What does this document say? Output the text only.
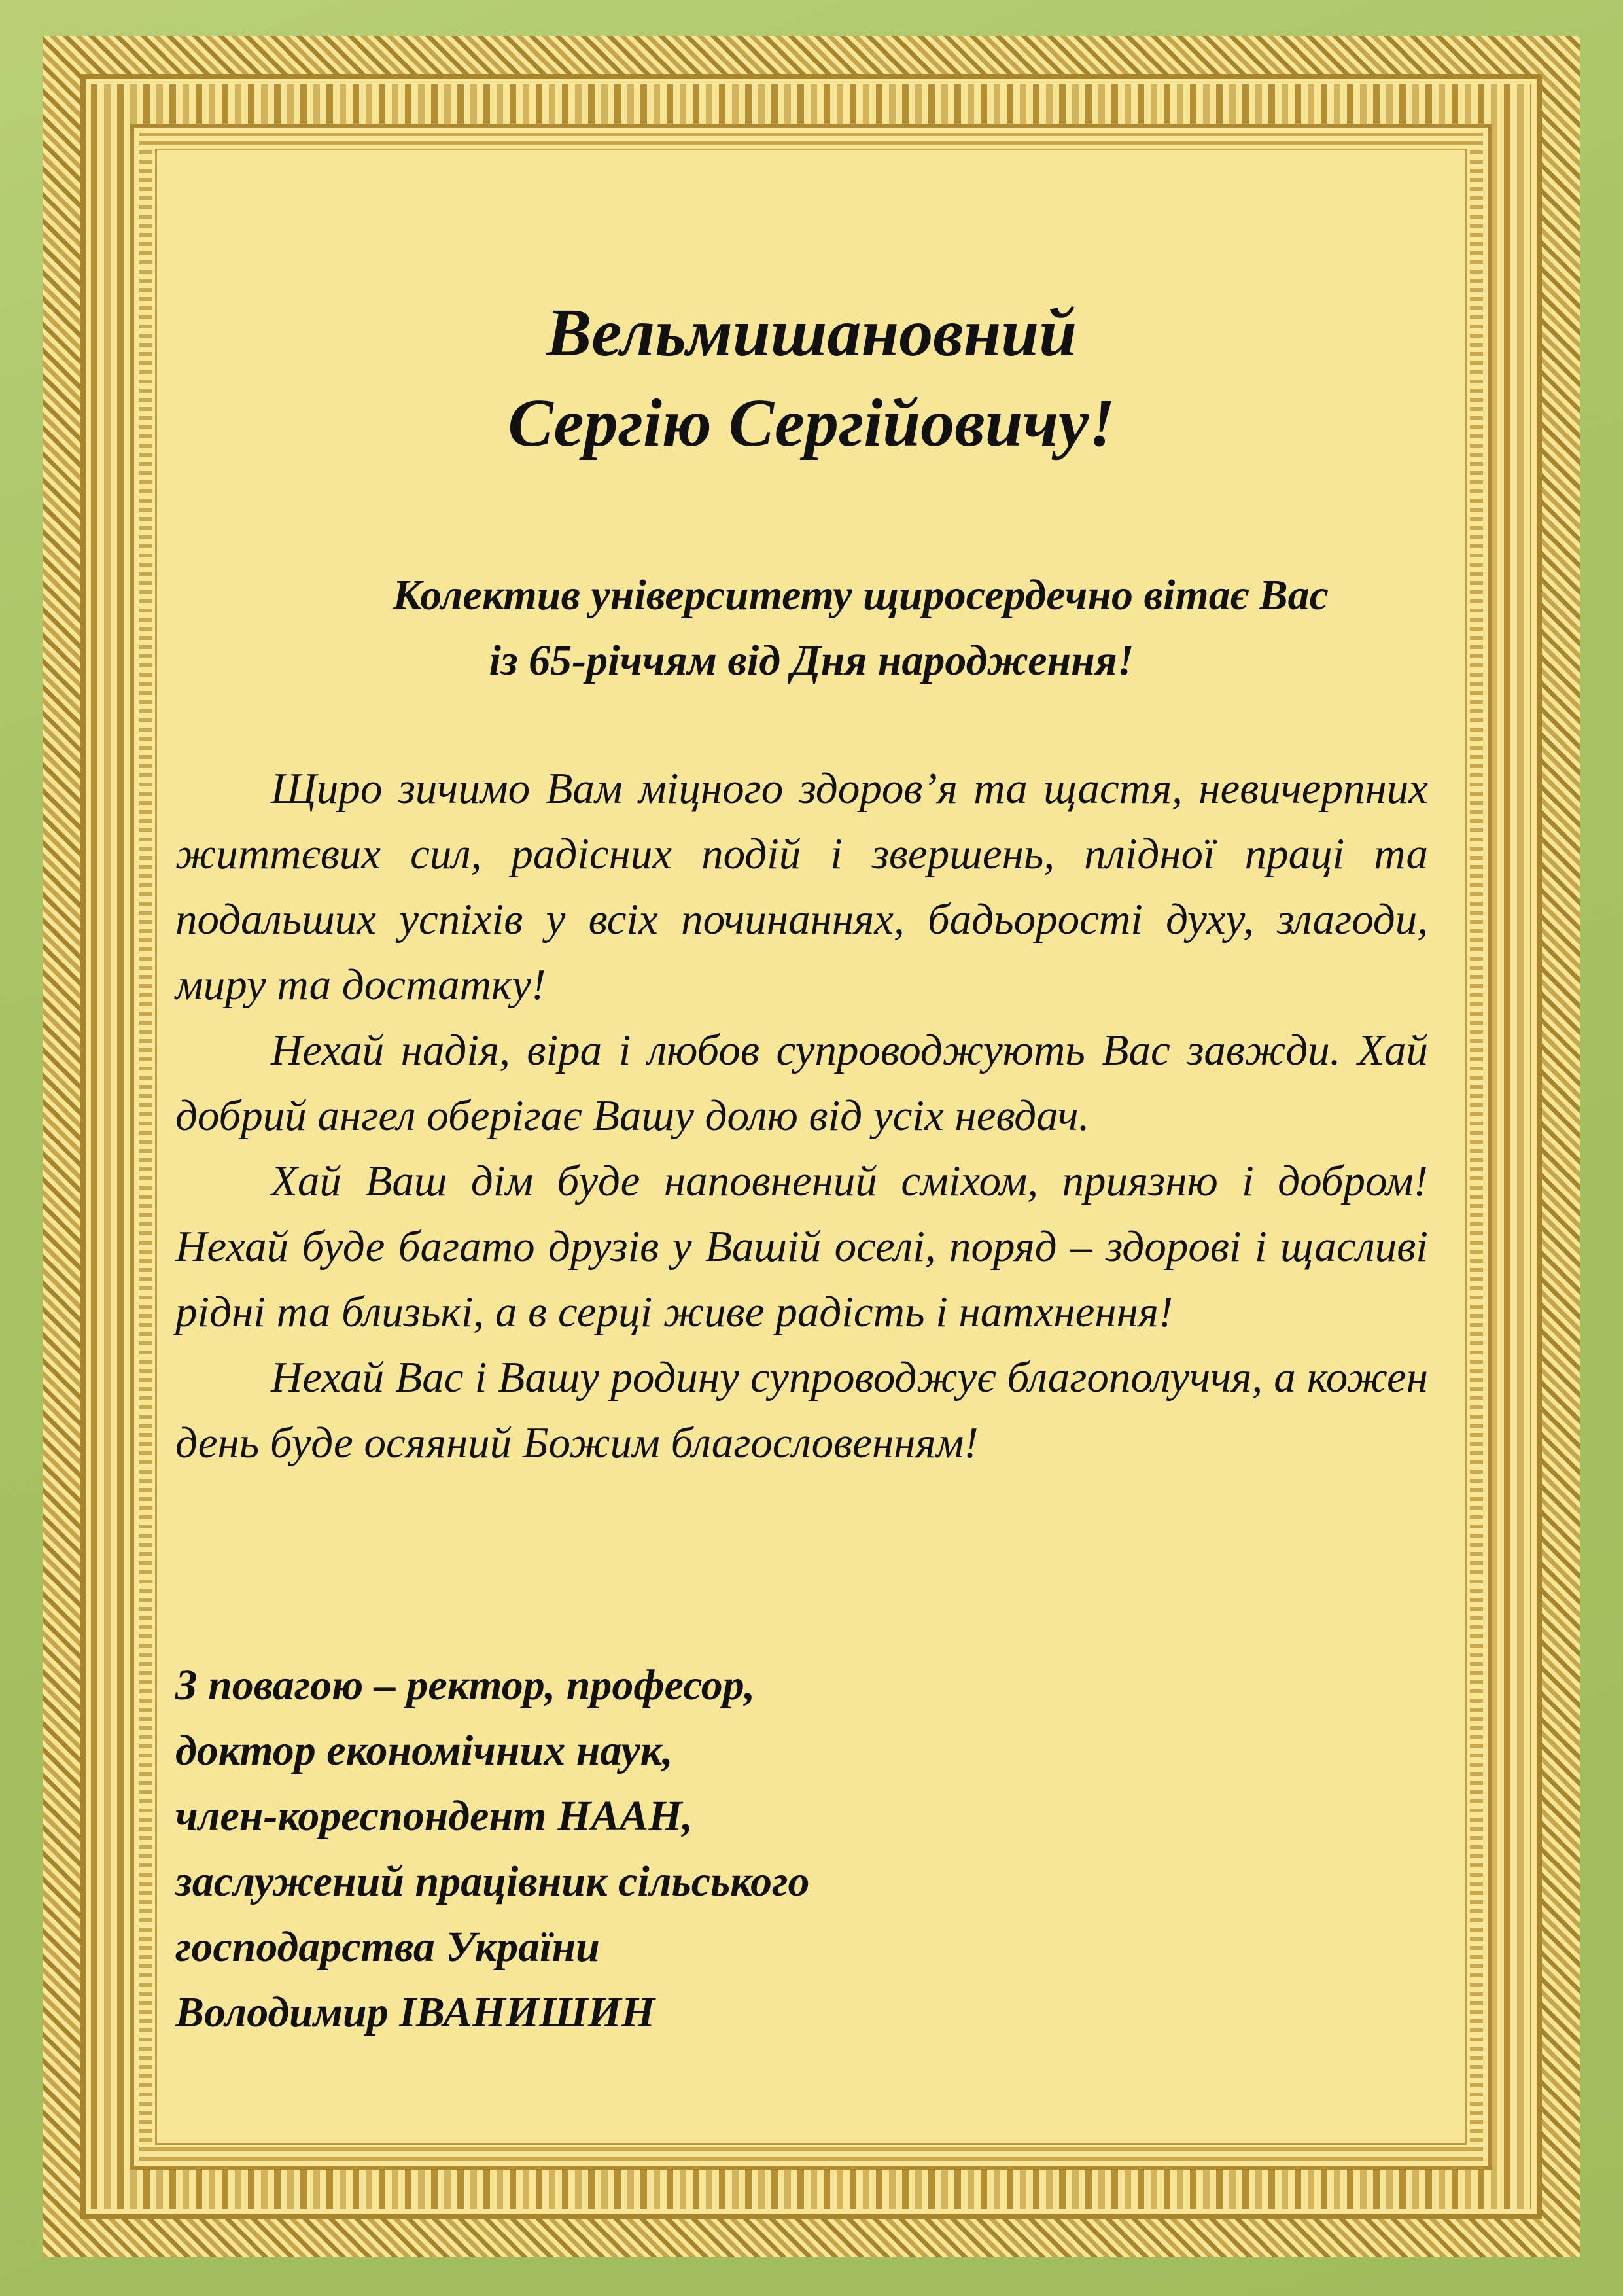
Вельмишановний
Сергію Сергійовичу!
Колектив університету щиросердечно вітає Вас
із 65-річчям від Дня народження!

Щиро зичимо Вам міцного здоров’я та щастя, невичерпних життєвих сил, радісних подій і звершень, плідної праці та подальших успіхів у всіх починаннях, бадьорості духу, злагоди, миру та достатку!

Нехай надія, віра і любов супроводжують Вас завжди. Хай добрий ангел оберігає Вашу долю від усіх невдач.

Хай Ваш дім буде наповнений сміхом, приязню і добром! Нехай буде багато друзів у Вашій оселі, поряд – здорові і щасливі рідні та близькі, а в серці живе радість і натхнення!

Нехай Вас і Вашу родину супроводжує благополуччя, а кожен день буде осяяний Божим благословенням!

З повагою – ректор, професор,
доктор економічних наук,
член-кореспондент НААН,
заслужений працівник сільського
господарства України
Володимир ІВАНИШИН
